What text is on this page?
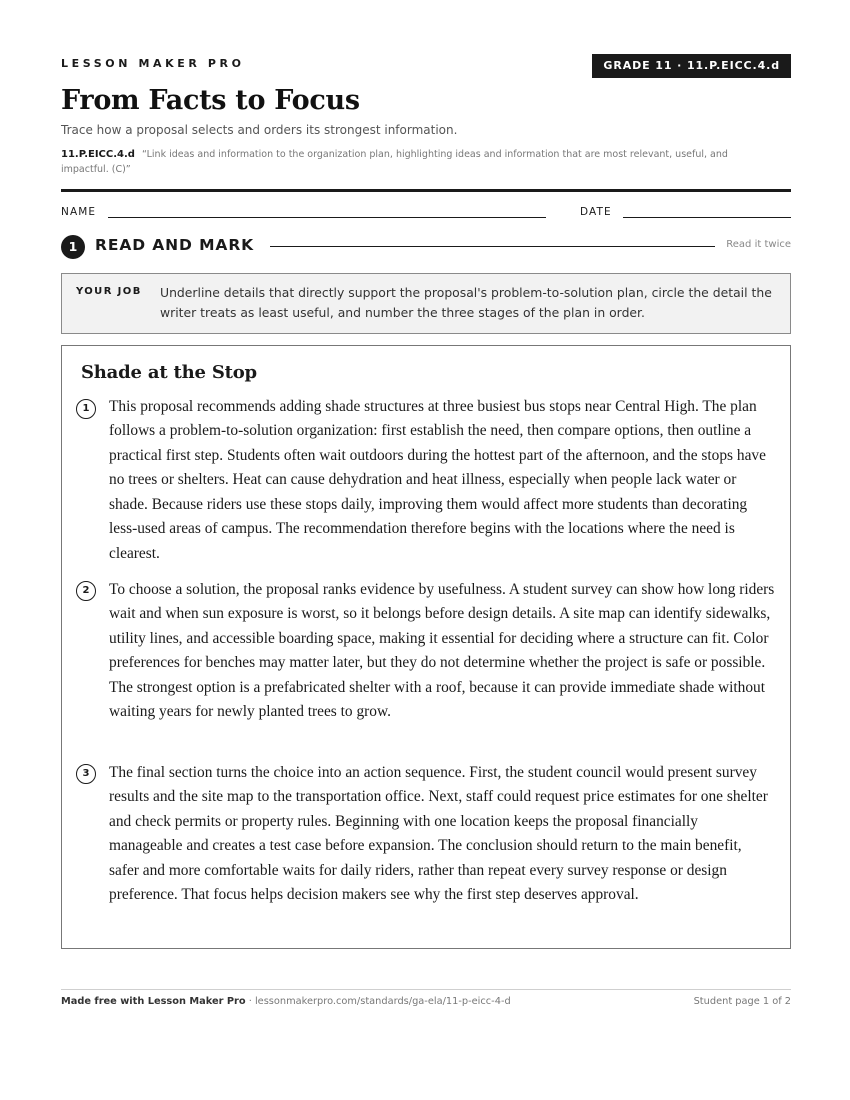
LESSON MAKER PRO	GRADE 11 · 11.P.EICC.4.d
From Facts to Focus
Trace how a proposal selects and orders its strongest information.
11.P.EICC.4.d “Link ideas and information to the organization plan, highlighting ideas and information that are most relevant, useful, and impactful. (C)”
NAME	DATE
1	READ AND MARK	Read it twice
YOUR JOB Underline details that directly support the proposal's problem-to-solution plan, circle the detail the writer treats as least useful, and number the three stages of the plan in order.
Shade at the Stop
1	This proposal recommends adding shade structures at three busiest bus stops near Central High. The plan follows a problem-to-solution organization: first establish the need, then compare options, then outline a practical first step. Students often wait outdoors during the hottest part of the afternoon, and the stops have no trees or shelters. Heat can cause dehydration and heat illness, especially when people lack water or shade. Because riders use these stops daily, improving them would affect more students than decorating less-used areas of campus. The recommendation therefore begins with the locations where the need is clearest.
2	To choose a solution, the proposal ranks evidence by usefulness. A student survey can show how long riders wait and when sun exposure is worst, so it belongs before design details. A site map can identify sidewalks, utility lines, and accessible boarding space, making it essential for deciding where a structure can fit. Color preferences for benches may matter later, but they do not determine whether the project is safe or possible. The strongest option is a prefabricated shelter with a roof, because it can provide immediate shade without waiting years for newly planted trees to grow.
3	The final section turns the choice into an action sequence. First, the student council would present survey results and the site map to the transportation office. Next, staff could request price estimates for one shelter and check permits or property rules. Beginning with one location keeps the proposal financially manageable and creates a test case before expansion. The conclusion should return to the main benefit, safer and more comfortable waits for daily riders, rather than repeat every survey response or design preference. That focus helps decision makers see why the first step deserves approval.
Made free with Lesson Maker Pro · lessonmakerpro.com/standards/ga-ela/11-p-eicc-4-d	Student page 1 of 2
